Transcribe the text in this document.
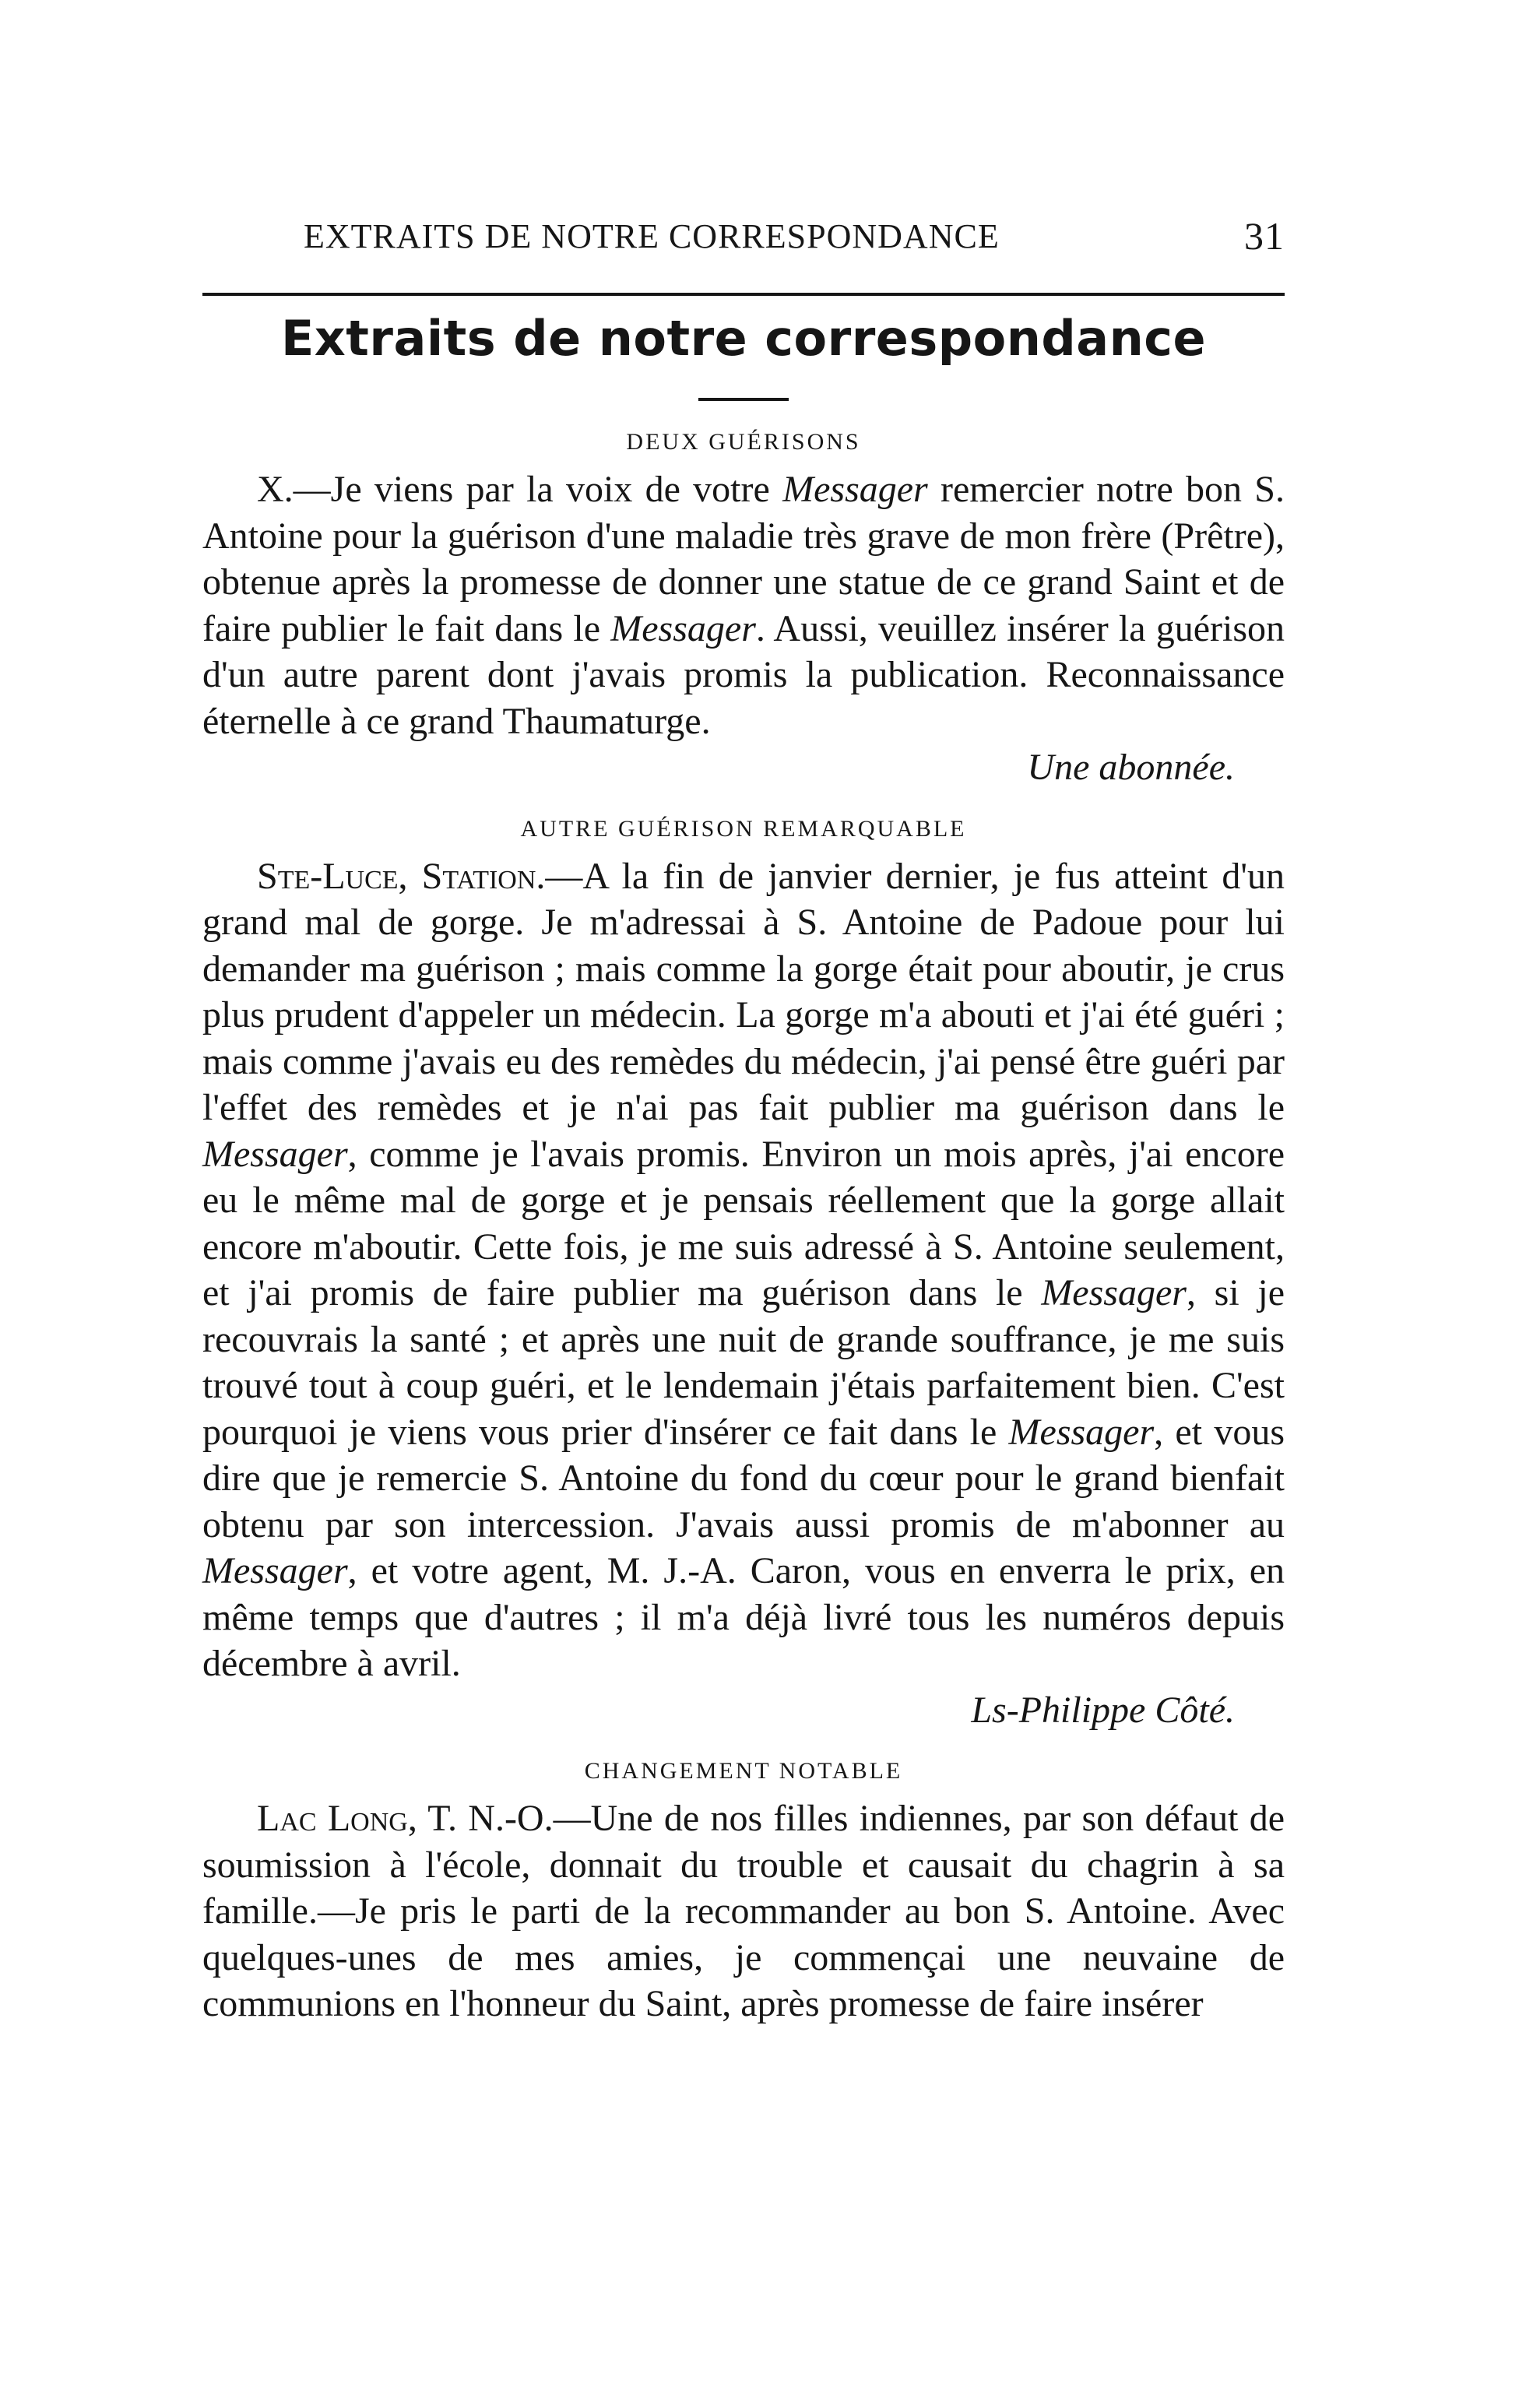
EXTRAITS DE NOTRE CORRESPONDANCE	31
Extraits de notre correspondance
DEUX GUÉRISONS

X.—Je viens par la voix de votre Messager remercier notre bon S. Antoine pour la guérison d'une maladie très grave de mon frère (Prêtre), obtenue après la promesse de donner une statue de ce grand Saint et de faire publier le fait dans le Messager. Aussi, veuillez insérer la guérison d'un autre parent dont j'avais promis la publication. Reconnaissance éternelle à ce grand Thaumaturge.

Une abonnée.

AUTRE GUÉRISON REMARQUABLE

Ste-Luce, Station.—A la fin de janvier dernier, je fus atteint d'un grand mal de gorge. Je m'adressai à S. Antoine de Padoue pour lui demander ma guérison ; mais comme la gorge était pour aboutir, je crus plus prudent d'appeler un médecin. La gorge m'a abouti et j'ai été guéri ; mais comme j'avais eu des remèdes du médecin, j'ai pensé être guéri par l'effet des remèdes et je n'ai pas fait publier ma guérison dans le Messager, comme je l'avais promis. Environ un mois après, j'ai encore eu le même mal de gorge et je pensais réellement que la gorge allait encore m'aboutir. Cette fois, je me suis adressé à S. Antoine seulement, et j'ai promis de faire publier ma guérison dans le Messager, si je recouvrais la santé ; et après une nuit de grande souffrance, je me suis trouvé tout à coup guéri, et le lendemain j'étais parfaitement bien. C'est pourquoi je viens vous prier d'insérer ce fait dans le Messager, et vous dire que je remercie S. Antoine du fond du cœur pour le grand bienfait obtenu par son intercession. J'avais aussi promis de m'abonner au Messager, et votre agent, M. J.-A. Caron, vous en enverra le prix, en même temps que d'autres ; il m'a déjà livré tous les numéros depuis décembre à avril.

Ls-Philippe Côté.

CHANGEMENT NOTABLE

Lac Long, T. N.-O.—Une de nos filles indiennes, par son défaut de soumission à l'école, donnait du trouble et causait du chagrin à sa famille.—Je pris le parti de la recommander au bon S. Antoine. Avec quelques-unes de mes amies, je commençai une neuvaine de communions en l'honneur du Saint, après promesse de faire insérer
